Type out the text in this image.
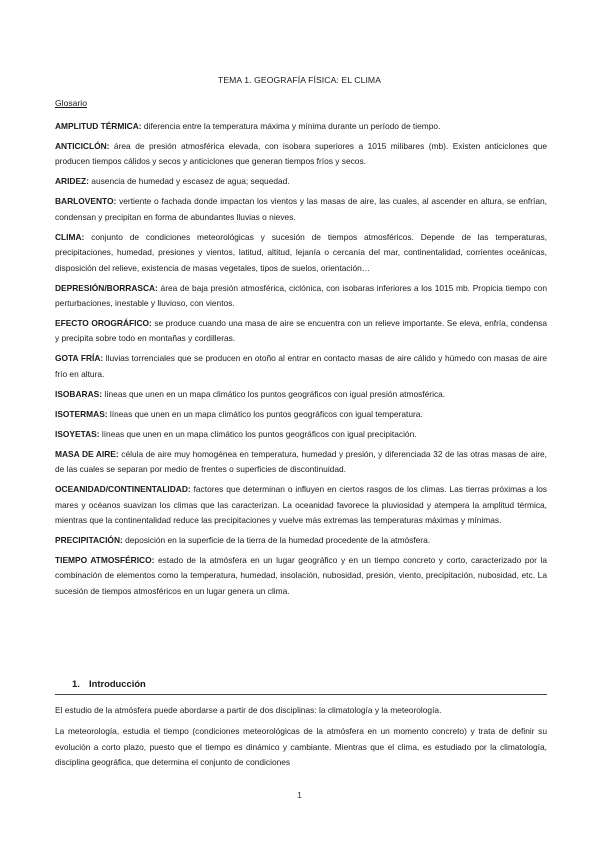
TEMA 1. GEOGRAFÍA FÍSICA: EL CLIMA
Glosario

AMPLITUD TÉRMICA: diferencia entre la temperatura máxima y mínima durante un período de tiempo.

ANTICICLÓN: área de presión atmosférica elevada, con isobara superiores a 1015 milibares (mb). Existen anticiclones que producen tiempos cálidos y secos y anticiclones que generan tiempos fríos y secos.

ARIDEZ: ausencia de humedad y escasez de agua; sequedad.

BARLOVENTO: vertiente o fachada donde impactan los vientos y las masas de aire, las cuales, al ascender en altura, se enfrían, condensan y precipitan en forma de abundantes lluvias o nieves.

CLIMA: conjunto de condiciones meteorológicas y sucesión de tiempos atmosféricos. Depende de las temperaturas, precipitaciones, humedad, presiones y vientos, latitud, altitud, lejanía o cercanía del mar, continentalidad, corrientes oceánicas, disposición del relieve, existencia de masas vegetales, tipos de suelos, orientación…

DEPRESIÓN/BORRASCA: área de baja presión atmosférica, ciclónica, con isobaras inferiores a los 1015 mb. Propicia tiempo con perturbaciones, inestable y lluvioso, con vientos.

EFECTO OROGRÁFICO: se produce cuando una masa de aire se encuentra con un relieve importante. Se eleva, enfría, condensa y precipita sobre todo en montañas y cordilleras.

GOTA FRÍA: lluvias torrenciales que se producen en otoño al entrar en contacto masas de aire cálido y húmedo con masas de aire frío en altura.

ISOBARAS: líneas que unen en un mapa climático los puntos geográficos con igual presión atmosférica.

ISOTERMAS: líneas que unen en un mapa climático los puntos geográficos con igual temperatura.

ISOYETAS: líneas que unen en un mapa climático los puntos geográficos con igual precipitación.

MASA DE AIRE: célula de aire muy homogénea en temperatura, humedad y presión, y diferenciada 32 de las otras masas de aire, de las cuales se separan por medio de frentes o superficies de discontinuidad.

OCEANIDAD/CONTINENTALIDAD: factores que determinan o influyen en ciertos rasgos de los climas. Las tierras próximas a los mares y océanos suavizan los climas que las caracterizan. La oceanidad favorece la pluviosidad y atempera la amplitud térmica, mientras que la continentalidad reduce las precipitaciones y vuelve más extremas las temperaturas máximas y mínimas.

PRECIPITACIÓN: deposición en la superficie de la tierra de la humedad procedente de la atmósfera.

TIEMPO ATMOSFÉRICO: estado de la atmósfera en un lugar geográfico y en un tiempo concreto y corto, caracterizado por la combinación de elementos como la temperatura, humedad, insolación, nubosidad, presión, viento, precipitación, nubosidad, etc. La sucesión de tiempos atmosféricos en un lugar genera un clima.

1. Introducción

El estudio de la atmósfera puede abordarse a partir de dos disciplinas: la climatología y la meteorología.

La meteorología, estudia el tiempo (condiciones meteorológicas de la atmósfera en un momento concreto) y trata de definir su evolución a corto plazo, puesto que el tiempo es dinámico y cambiante. Mientras que el clima, es estudiado por la climatología, disciplina geográfica, que determina el conjunto de condiciones

1
